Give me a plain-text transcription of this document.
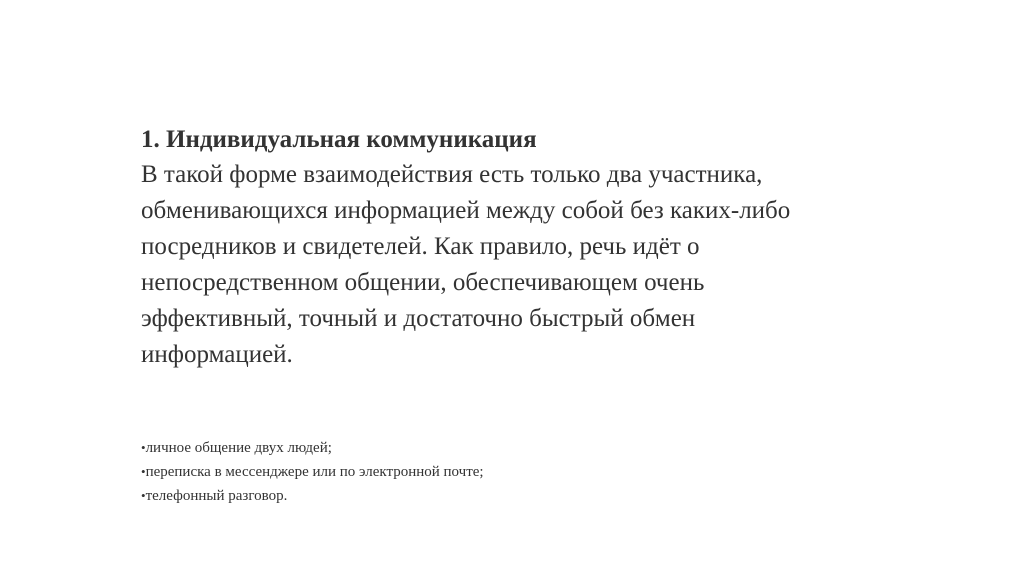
1. Индивидуальная коммуникация

В такой форме взаимодействия есть только два участника,
обменивающихся информацией между собой без каких-либо
посредников и свидетелей. Как правило, речь идёт о
непосредственном общении, обеспечивающем очень
эффективный, точный и достаточно быстрый обмен
информацией.

•личное общение двух людей;
•переписка в мессенджере или по электронной почте;
•телефонный разговор.
